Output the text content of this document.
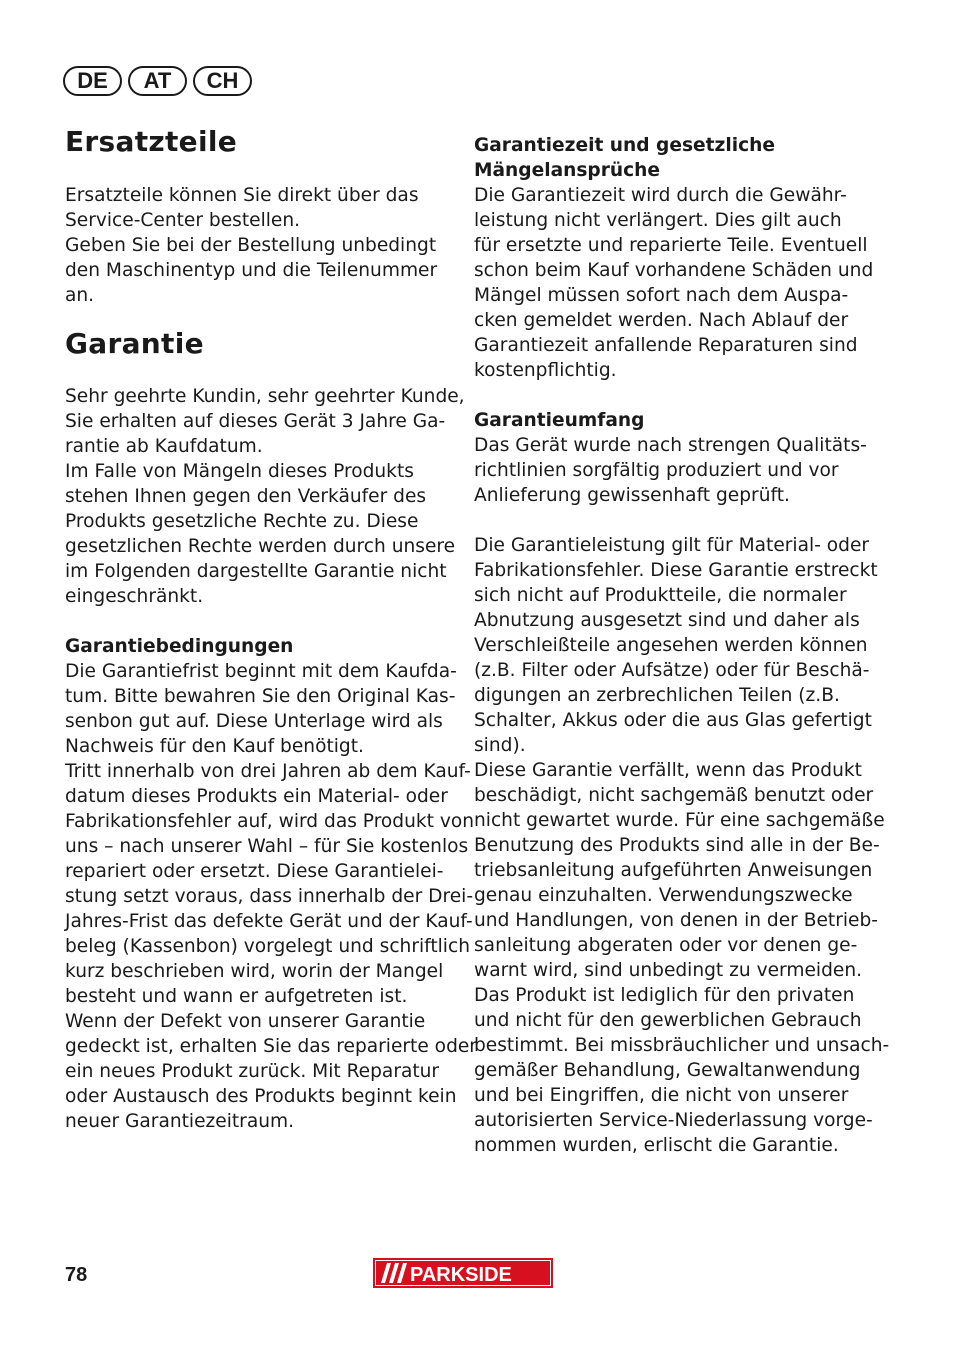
DE	AT	CH
Ersatzteile
Ersatzteile können Sie direkt über das
Service-Center bestellen.
Geben Sie bei der Bestellung unbedingt
den Maschinentyp und die Teilenummer
an.
Garantie
Sehr geehrte Kundin, sehr geehrter Kunde,
Sie erhalten auf dieses Gerät 3 Jahre Ga-
rantie ab Kaufdatum.
Im Falle von Mängeln dieses Produkts
stehen Ihnen gegen den Verkäufer des
Produkts gesetzliche Rechte zu. Diese
gesetzlichen Rechte werden durch unsere
im Folgenden dargestellte Garantie nicht
eingeschränkt.
Garantiebedingungen
Die Garantiefrist beginnt mit dem Kaufda-
tum. Bitte bewahren Sie den Original Kas-
senbon gut auf. Diese Unterlage wird als
Nachweis für den Kauf benötigt.
Tritt innerhalb von drei Jahren ab dem Kauf-
datum dieses Produkts ein Material- oder
Fabrikationsfehler auf, wird das Produkt von
uns – nach unserer Wahl – für Sie kostenlos
repariert oder ersetzt. Diese Garantielei-
stung setzt voraus, dass innerhalb der Drei-
Jahres-Frist das defekte Gerät und der Kauf-
beleg (Kassenbon) vorgelegt und schriftlich
kurz beschrieben wird, worin der Mangel
besteht und wann er aufgetreten ist.
Wenn der Defekt von unserer Garantie
gedeckt ist, erhalten Sie das reparierte oder
ein neues Produkt zurück. Mit Reparatur
oder Austausch des Produkts beginnt kein
neuer Garantiezeitraum.
Garantiezeit und gesetzliche
Mängelansprüche
Die Garantiezeit wird durch die Gewähr-
leistung nicht verlängert. Dies gilt auch
für ersetzte und reparierte Teile. Eventuell
schon beim Kauf vorhandene Schäden und
Mängel müssen sofort nach dem Auspa-
cken gemeldet werden. Nach Ablauf der
Garantiezeit anfallende Reparaturen sind
kostenpflichtig.
Garantieumfang
Das Gerät wurde nach strengen Qualitäts-
richtlinien sorgfältig produziert und vor
Anlieferung gewissenhaft geprüft.
Die Garantieleistung gilt für Material- oder
Fabrikationsfehler. Diese Garantie erstreckt
sich nicht auf Produktteile, die normaler
Abnutzung ausgesetzt sind und daher als
Verschleißteile angesehen werden können
(z.B. Filter oder Aufsätze) oder für Beschä-
digungen an zerbrechlichen Teilen (z.B.
Schalter, Akkus oder die aus Glas gefertigt
sind).
Diese Garantie verfällt, wenn das Produkt
beschädigt, nicht sachgemäß benutzt oder
nicht gewartet wurde. Für eine sachgemäße
Benutzung des Produkts sind alle in der Be-
triebsanleitung aufgeführten Anweisungen
genau einzuhalten. Verwendungszwecke
und Handlungen, von denen in der Betrieb-
sanleitung abgeraten oder vor denen ge-
warnt wird, sind unbedingt zu vermeiden.
Das Produkt ist lediglich für den privaten
und nicht für den gewerblichen Gebrauch
bestimmt. Bei missbräuchlicher und unsach-
gemäßer Behandlung, Gewaltanwendung
und bei Eingriffen, die nicht von unserer
autorisierten Service-Niederlassung vorge-
nommen wurden, erlischt die Garantie.
78	PARKSIDE
